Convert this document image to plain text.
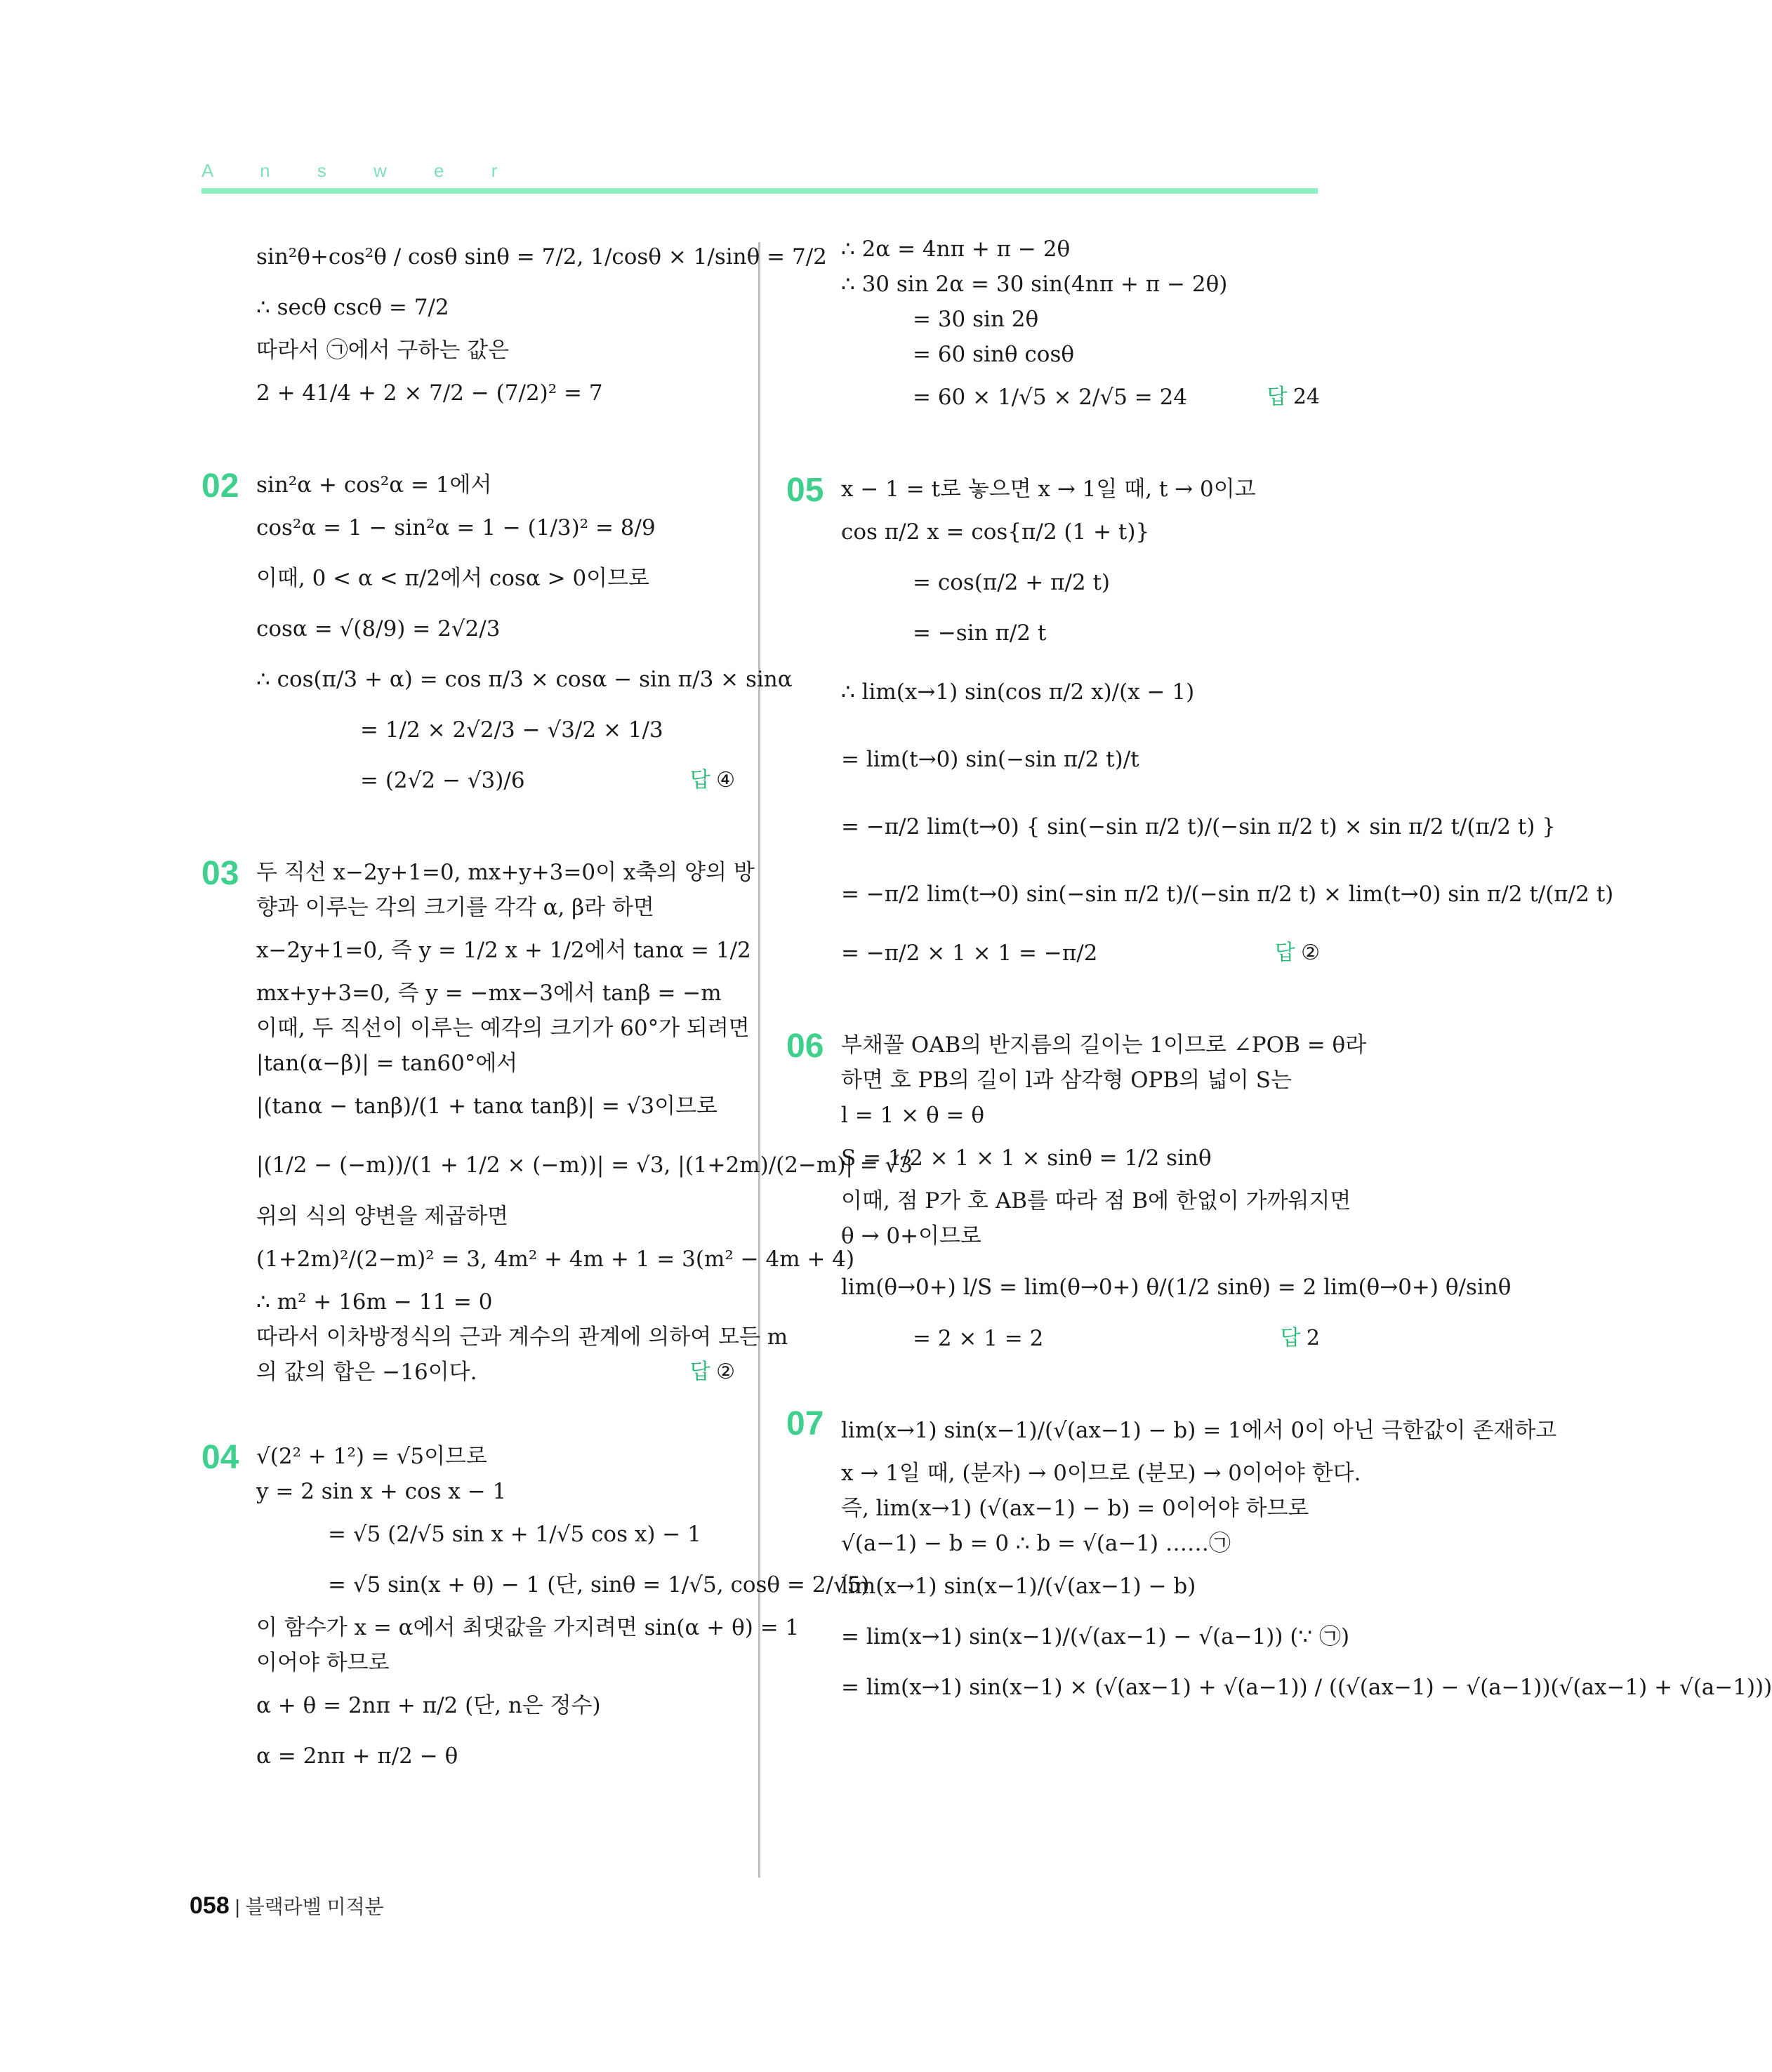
A n s w e r
sin²θ+cos²θ / cosθ sinθ = 7/2, 1/cosθ × 1/sinθ = 7/2
∴ secθ cscθ = 7/2
따라서 ㉠에서 구하는 값은
2 + 41/4 + 2 × 7/2 − (7/2)² = 7
02 sin²α + cos²α = 1에서
cos²α = 1 − sin²α = 1 − (1/3)² = 8/9
이때, 0 < α < π/2에서 cosα > 0이므로
cosα = √(8/9) = 2√2/3
∴ cos(π/3 + α) = cos π/3 × cosα − sin π/3 × sinα
= 1/2 × 2√2/3 − √3/2 × 1/3
= (2√2 − √3)/6	답 ④
03 두 직선 x−2y+1=0, mx+y+3=0이 x축의 양의 방
향과 이루는 각의 크기를 각각 α, β라 하면
x−2y+1=0, 즉 y = 1/2 x + 1/2에서 tanα = 1/2
mx+y+3=0, 즉 y = −mx−3에서 tanβ = −m
이때, 두 직선이 이루는 예각의 크기가 60°가 되려면
|tan(α−β)| = tan60°에서
|(tanα − tanβ)/(1 + tanα tanβ)| = √3이므로
|(1/2 − (−m))/(1 + 1/2 × (−m))| = √3, |(1+2m)/(2−m)| = √3
위의 식의 양변을 제곱하면
(1+2m)²/(2−m)² = 3, 4m² + 4m + 1 = 3(m² − 4m + 4)
∴ m² + 16m − 11 = 0
따라서 이차방정식의 근과 계수의 관계에 의하여 모든 m
의 값의 합은 −16이다.	답 ②
04 √(2² + 1²) = √5이므로
y = 2 sin x + cos x − 1
= √5 (2/√5 sin x + 1/√5 cos x) − 1
= √5 sin(x + θ) − 1 (단, sinθ = 1/√5, cosθ = 2/√5)
이 함수가 x = α에서 최댓값을 가지려면 sin(α + θ) = 1
이어야 하므로
α + θ = 2nπ + π/2 (단, n은 정수)
α = 2nπ + π/2 − θ
∴ 2α = 4nπ + π − 2θ
∴ 30 sin 2α = 30 sin(4nπ + π − 2θ)
= 30 sin 2θ
= 60 sinθ cosθ
= 60 × 1/√5 × 2/√5 = 24	답 24
05 x − 1 = t로 놓으면 x → 1일 때, t → 0이고
cos π/2 x = cos{π/2 (1 + t)}
= cos(π/2 + π/2 t)
= −sin π/2 t
∴ lim(x→1) sin(cos π/2 x)/(x − 1)
= lim(t→0) sin(−sin π/2 t)/t
= −π/2 lim(t→0) { sin(−sin π/2 t)/(−sin π/2 t) × sin π/2 t/(π/2 t) }
= −π/2 lim(t→0) sin(−sin π/2 t)/(−sin π/2 t) × lim(t→0) sin π/2 t/(π/2 t)
= −π/2 × 1 × 1 = −π/2	답 ②
06 부채꼴 OAB의 반지름의 길이는 1이므로 ∠POB = θ라
하면 호 PB의 길이 l과 삼각형 OPB의 넓이 S는
l = 1 × θ = θ
S = 1/2 × 1 × 1 × sinθ = 1/2 sinθ
이때, 점 P가 호 AB를 따라 점 B에 한없이 가까워지면
θ → 0+이므로
lim(θ→0+) l/S = lim(θ→0+) θ/(1/2 sinθ) = 2 lim(θ→0+) θ/sinθ
= 2 × 1 = 2	답 2
07 lim(x→1) sin(x−1)/(√(ax−1) − b) = 1에서 0이 아닌 극한값이 존재하고
x → 1일 때, (분자) → 0이므로 (분모) → 0이어야 한다.
즉, lim(x→1) (√(ax−1) − b) = 0이어야 하므로
√(a−1) − b = 0 ∴ b = √(a−1) ……㉠
lim(x→1) sin(x−1)/(√(ax−1) − b)
= lim(x→1) sin(x−1)/(√(ax−1) − √(a−1)) (∵ ㉠)
= lim(x→1) sin(x−1) × (√(ax−1) + √(a−1)) / ((√(ax−1) − √(a−1))(√(ax−1) + √(a−1)))
058 | 블랙라벨 미적분
